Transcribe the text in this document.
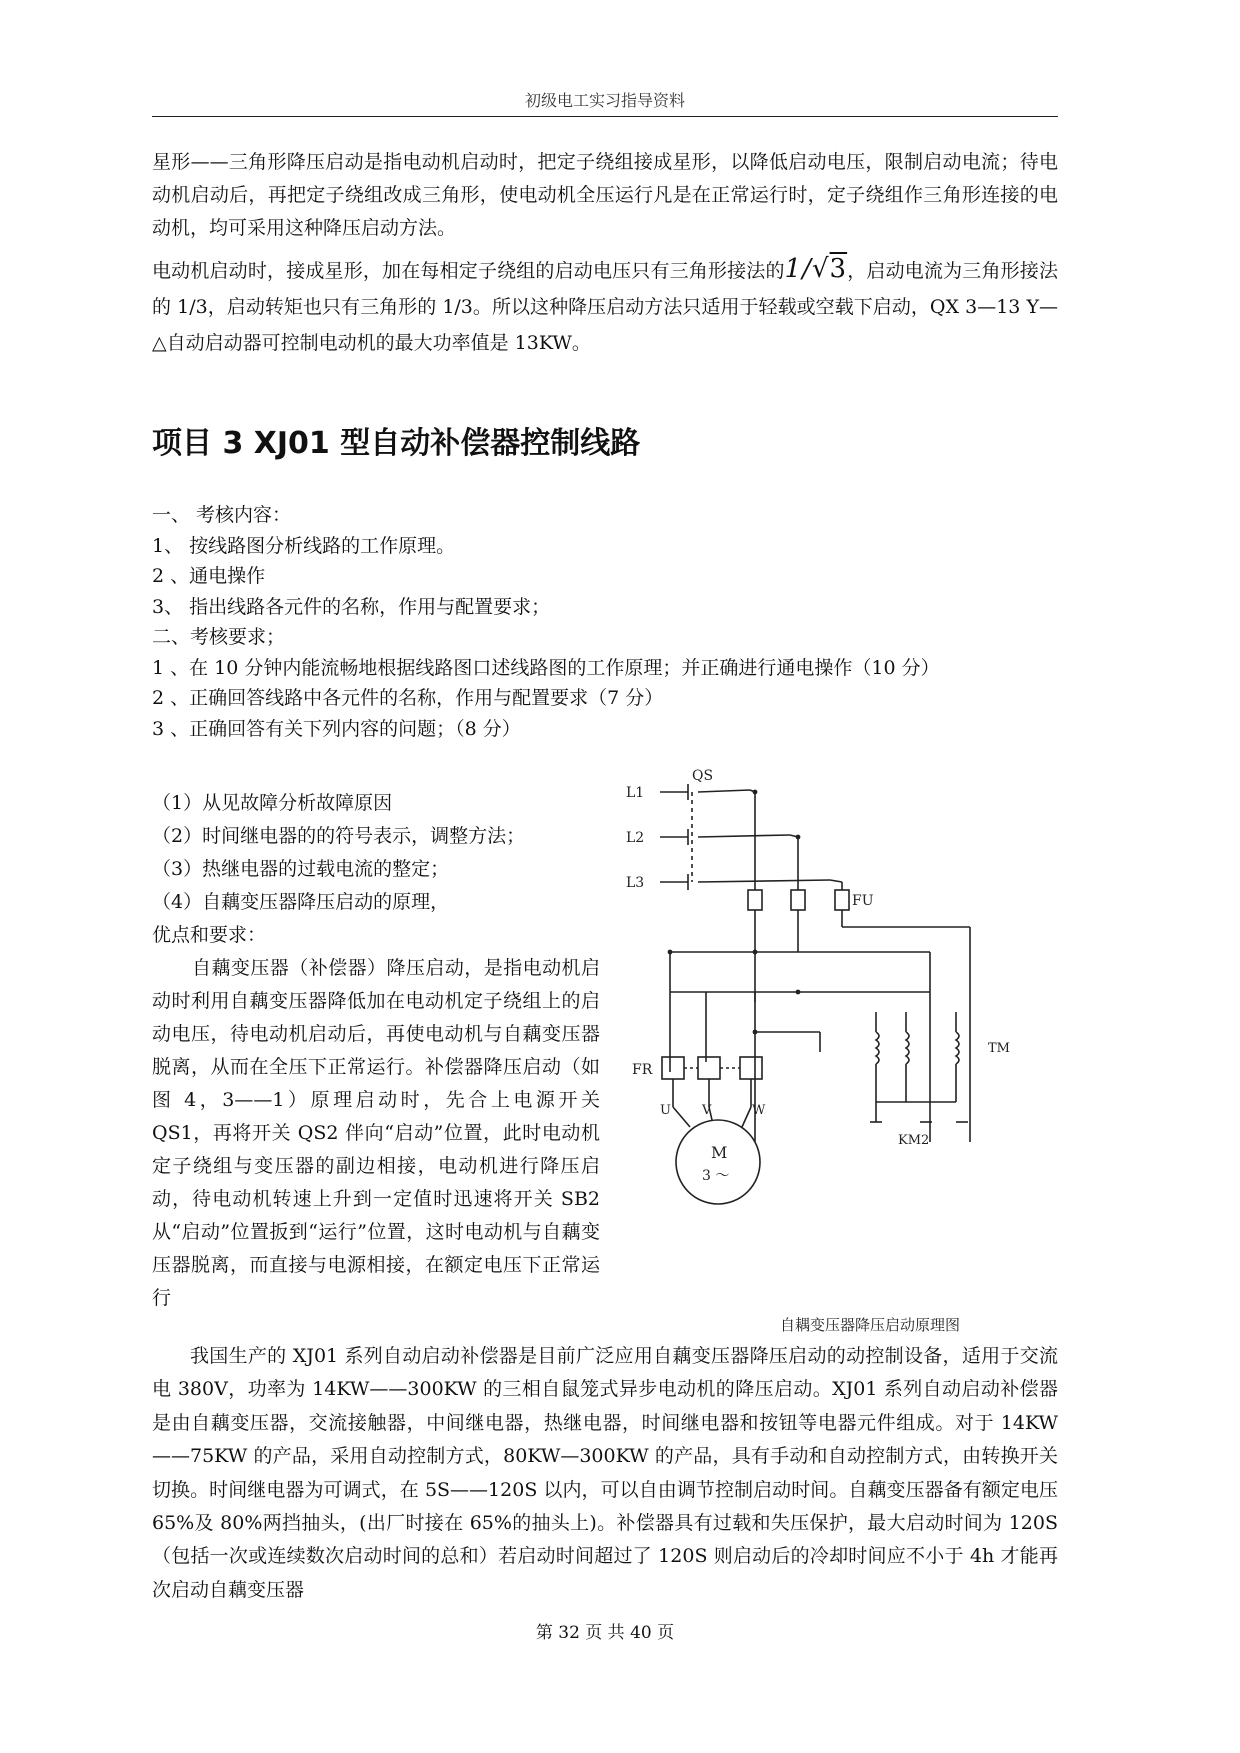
初级电工实习指导资料

星形——三角形降压启动是指电动机启动时，把定子绕组接成星形，以降低启动电压，限制启动电流；待电动机启动后，再把定子绕组改成三角形，使电动机全压运行凡是在正常运行时，定子绕组作三角形连接的电动机，均可采用这种降压启动方法。

电动机启动时，接成星形，加在每相定子绕组的启动电压只有三角形接法的1/√3，启动电流为三角形接法的 1/3，启动转矩也只有三角形的 1/3。所以这种降压启动方法只适用于轻载或空载下启动，QX 3—13 Y—△自动启动器可控制电动机的最大功率值是 13KW。

项目 3 XJ01 型自动补偿器控制线路
一、 考核内容：
1、 按线路图分析线路的工作原理。
2 、通电操作
3、 指出线路各元件的名称，作用与配置要求；
二、考核要求；
1 、在 10 分钟内能流畅地根据线路图口述线路图的工作原理；并正确进行通电操作（10 分）
2 、正确回答线路中各元件的名称，作用与配置要求（7 分）
3 、正确回答有关下列内容的问题；（8 分）

（1）从见故障分析故障原因

（2）时间继电器的的符号表示，调整方法；

（3）热继电器的过载电流的整定；

（4）自藕变压器降压启动的原理，

优点和要求：

自藕变压器（补偿器）降压启动，是指电动机启动时利用自藕变压器降低加在电动机定子绕组上的启动电压，待电动机启动后，再使电动机与自藕变压器脱离，从而在全压下正常运行。补偿器降压启动（如图 4，3——1）原理启动时，先合上电源开关 QS1，再将开关 QS2 伴向“启动”位置，此时电动机定子绕组与变压器的副边相接，电动机进行降压启动，待电动机转速上升到一定值时迅速将开关 SB2 从“启动”位置扳到“运行”位置，这时电动机与自藕变压器脱离，而直接与电源相接，在额定电压下正常运行

QS
L1
L2
L3
FU
FR
TM
KM2
U V	W
M
3 ～
自耦变压器降压启动原理图

我国生产的 XJ01 系列自动启动补偿器是目前广泛应用自藕变压器降压启动的动控制设备，适用于交流电 380V，功率为 14KW——300KW 的三相自鼠笼式异步电动机的降压启动。XJ01 系列自动启动补偿器是由自藕变压器，交流接触器，中间继电器，热继电器，时间继电器和按钮等电器元件组成。对于 14KW——75KW 的产品，采用自动控制方式，80KW—300KW 的产品，具有手动和自动控制方式，由转换开关切换。时间继电器为可调式，在 5S——120S 以内，可以自由调节控制启动时间。自藕变压器备有额定电压 65%及 80%两挡抽头，(出厂时接在 65%的抽头上)。补偿器具有过载和失压保护，最大启动时间为 120S（包括一次或连续数次启动时间的总和）若启动时间超过了 120S 则启动后的冷却时间应不小于 4h 才能再次启动自藕变压器

第 32 页 共 40 页
